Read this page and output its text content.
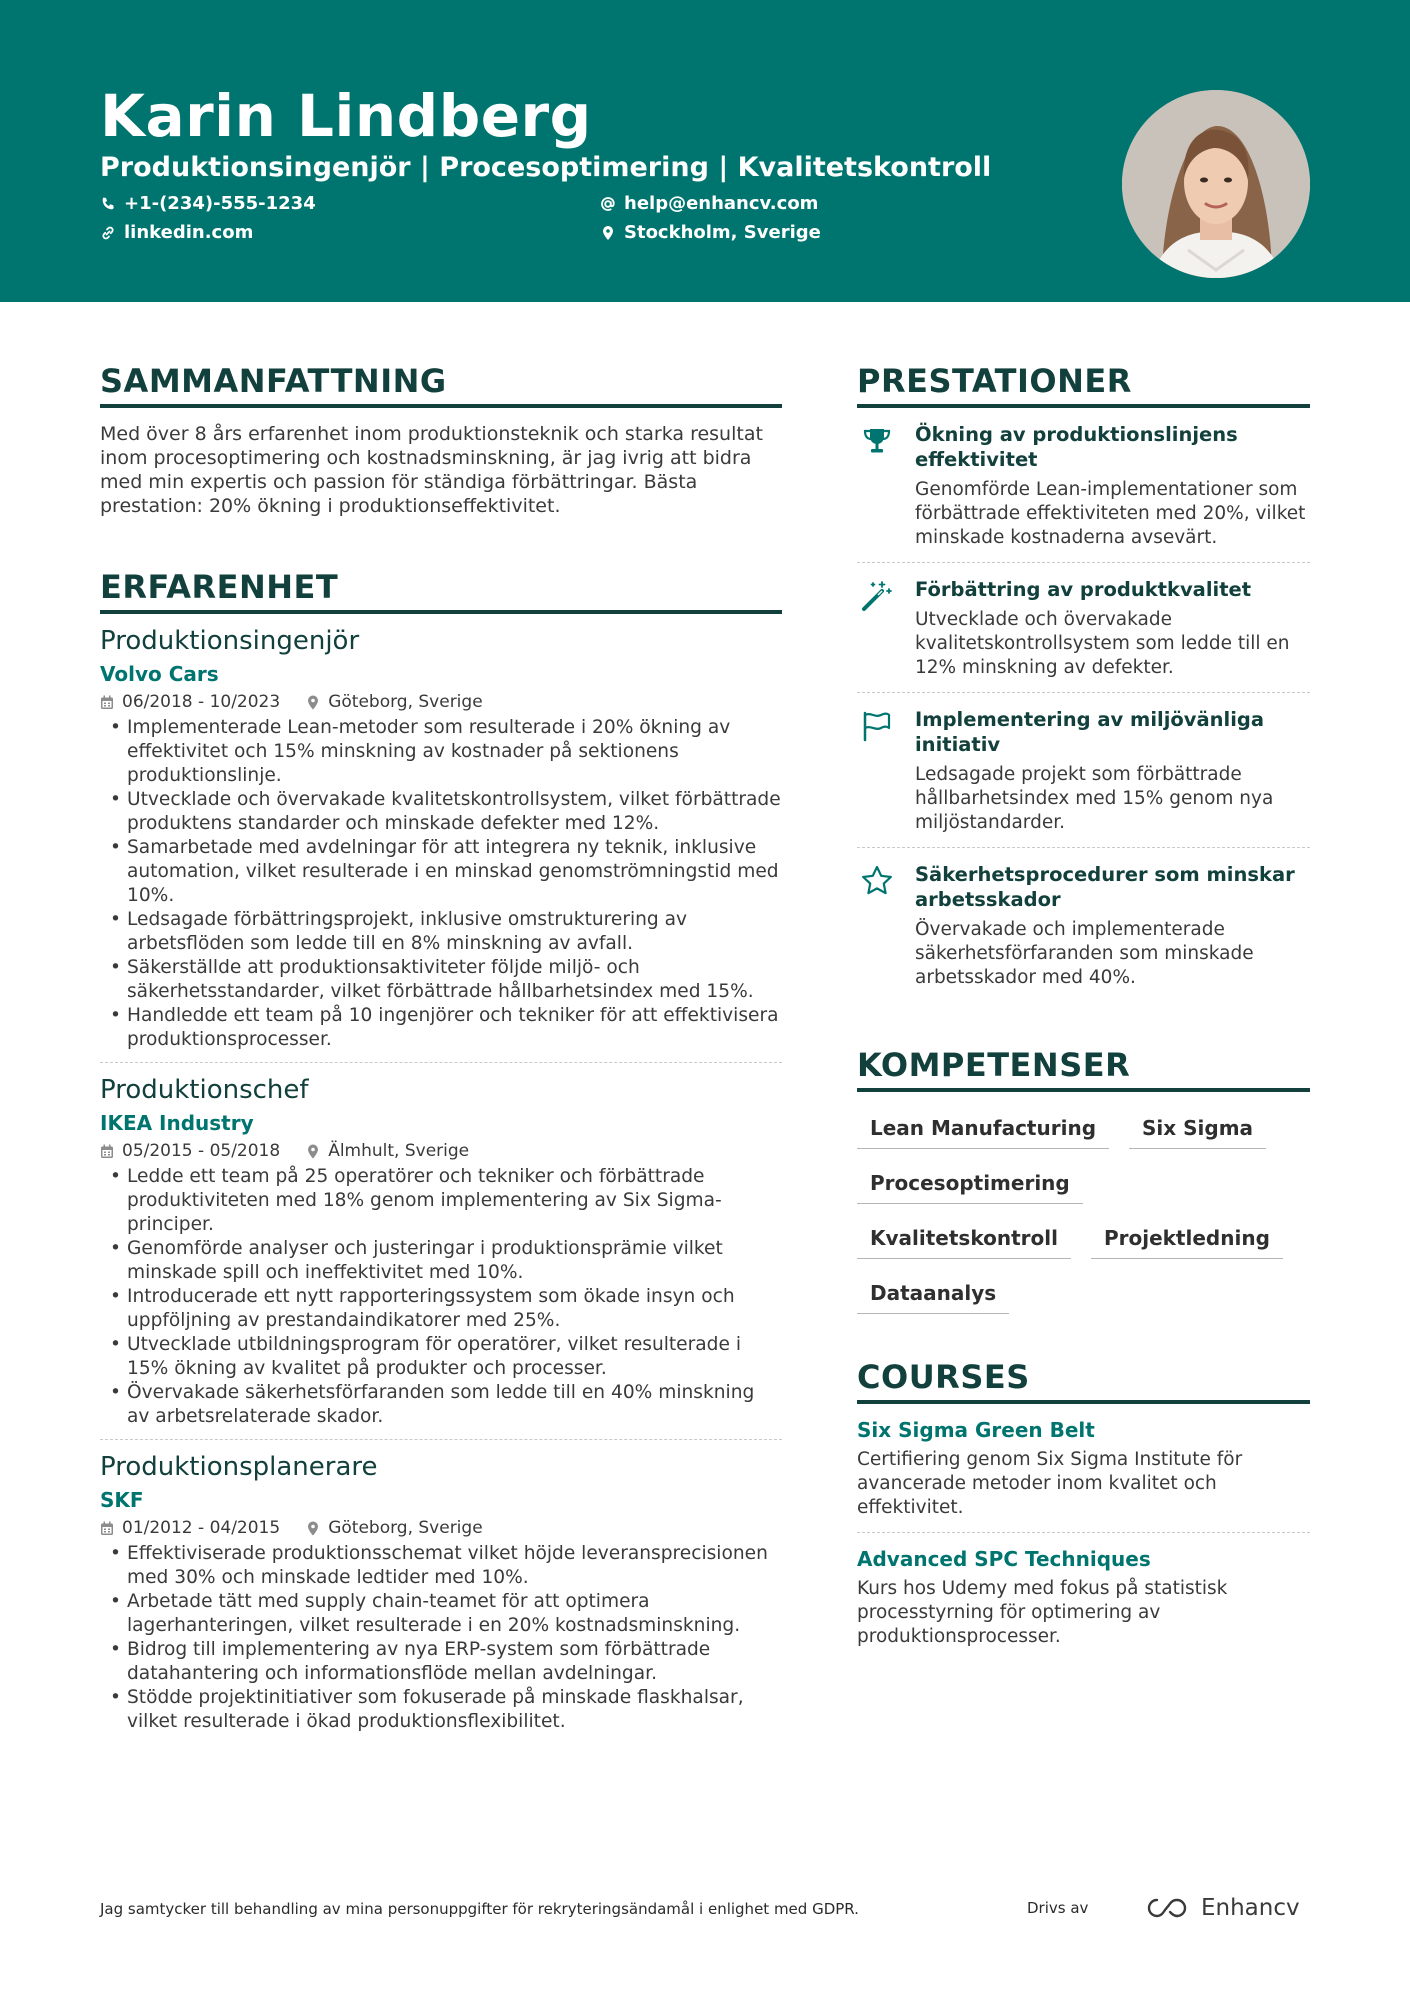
Karin Lindberg
Produktionsingenjör | Procesoptimering | Kvalitetskontroll
+1-(234)-555-1234	help@enhancv.com
linkedin.com	Stockholm, Sverige
SAMMANFATTNING
Med över 8 års erfarenhet inom produktionsteknik och starka resultat inom procesoptimering och kostnadsminskning, är jag ivrig att bidra med min expertis och passion för ständiga förbättringar. Bästa prestation: 20% ökning i produktionseffektivitet.
ERFARENHET
Produktionsingenjör
Volvo Cars
06/2018 - 10/2023	Göteborg, Sverige
• Implementerade Lean-metoder som resulterade i 20% ökning av effektivitet och 15% minskning av kostnader på sektionens produktionslinje.
• Utvecklade och övervakade kvalitetskontrollsystem, vilket förbättrade produktens standarder och minskade defekter med 12%.
• Samarbetade med avdelningar för att integrera ny teknik, inklusive automation, vilket resulterade i en minskad genomströmningstid med 10%.
• Ledsagade förbättringsprojekt, inklusive omstrukturering av arbetsflöden som ledde till en 8% minskning av avfall.
• Säkerställde att produktionsaktiviteter följde miljö- och säkerhetsstandarder, vilket förbättrade hållbarhetsindex med 15%.
• Handledde ett team på 10 ingenjörer och tekniker för att effektivisera produktionsprocesser.
Produktionschef
IKEA Industry
05/2015 - 05/2018	Älmhult, Sverige
• Ledde ett team på 25 operatörer och tekniker och förbättrade produktiviteten med 18% genom implementering av Six Sigma-principer.
• Genomförde analyser och justeringar i produktionsprämie vilket minskade spill och ineffektivitet med 10%.
• Introducerade ett nytt rapporteringssystem som ökade insyn och uppföljning av prestandaindikatorer med 25%.
• Utvecklade utbildningsprogram för operatörer, vilket resulterade i 15% ökning av kvalitet på produkter och processer.
• Övervakade säkerhetsförfaranden som ledde till en 40% minskning av arbetsrelaterade skador.
Produktionsplanerare
SKF
01/2012 - 04/2015	Göteborg, Sverige
• Effektiviserade produktionsschemat vilket höjde leveransprecisionen med 30% och minskade ledtider med 10%.
• Arbetade tätt med supply chain-teamet för att optimera lagerhanteringen, vilket resulterade i en 20% kostnadsminskning.
• Bidrog till implementering av nya ERP-system som förbättrade datahantering och informationsflöde mellan avdelningar.
• Stödde projektinitiativer som fokuserade på minskade flaskhalsar, vilket resulterade i ökad produktionsflexibilitet.
PRESTATIONER
Ökning av produktionslinjens effektivitet
Genomförde Lean-implementationer som förbättrade effektiviteten med 20%, vilket minskade kostnaderna avsevärt.
Förbättring av produktkvalitet
Utvecklade och övervakade kvalitetskontrollsystem som ledde till en 12% minskning av defekter.
Implementering av miljövänliga initiativ
Ledsagade projekt som förbättrade hållbarhetsindex med 15% genom nya miljöstandarder.
Säkerhetsprocedurer som minskar arbetsskador
Övervakade och implementerade säkerhetsförfaranden som minskade arbetsskador med 40%.
KOMPETENSER
Lean Manufacturing	Six Sigma
Procesoptimering
Kvalitetskontroll	Projektledning
Dataanalys
COURSES
Six Sigma Green Belt
Certifiering genom Six Sigma Institute för avancerade metoder inom kvalitet och effektivitet.
Advanced SPC Techniques
Kurs hos Udemy med fokus på statistisk processtyrning för optimering av produktionsprocesser.
Jag samtycker till behandling av mina personuppgifter för rekryteringsändamål i enlighet med GDPR.	Drivs av	Enhancv
